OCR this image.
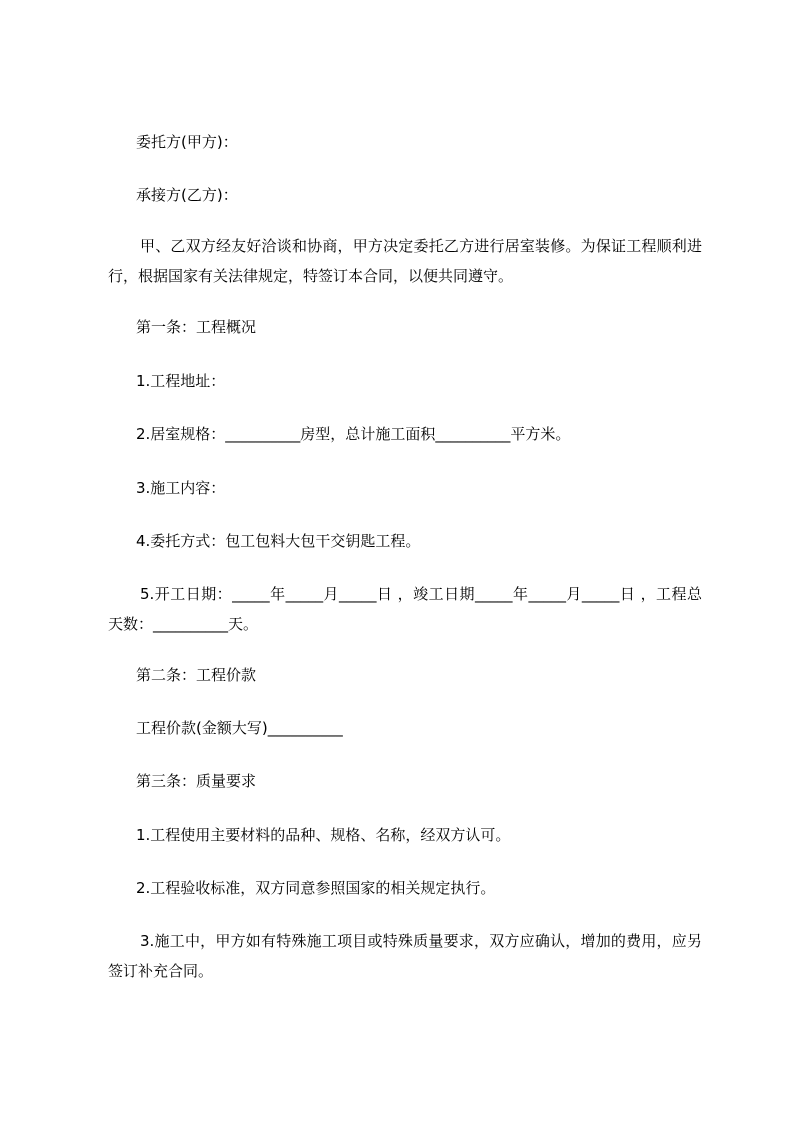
委托方(甲方)：
承接方(乙方)：
甲、乙双方经友好洽谈和协商，甲方决定委托乙方进行居室装修。为保证工程顺利进行，根据国家有关法律规定，特签订本合同，以便共同遵守。
第一条：工程概况
1.工程地址：
2.居室规格：__________房型，总计施工面积__________平方米。
3.施工内容：
4.委托方式：包工包料大包干交钥匙工程。
5.开工日期：_____年_____月_____日 ，竣工日期_____年_____月_____日 ，工程总天数：__________天。
第二条：工程价款
工程价款(金额大写)__________
第三条：质量要求
1.工程使用主要材料的品种、规格、名称，经双方认可。
2.工程验收标准，双方同意参照国家的相关规定执行。
3.施工中，甲方如有特殊施工项目或特殊质量要求，双方应确认，增加的费用，应另签订补充合同。
